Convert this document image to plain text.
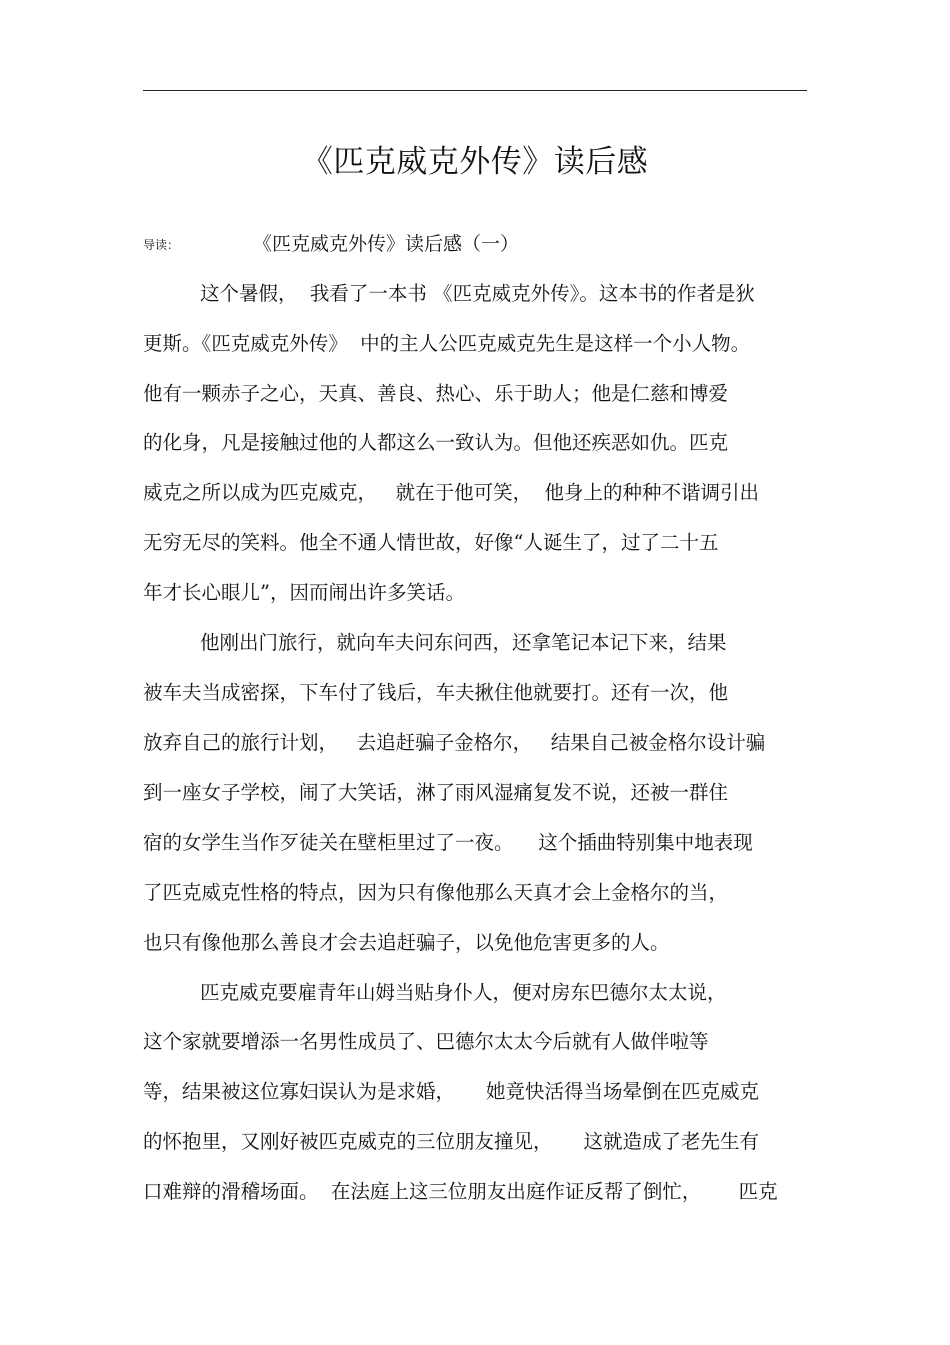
《匹克威克外传》读后感
导读：	《匹克威克外传》读后感（一）
这个暑假，  我看了一本书 《匹克威克外传》。这本书的作者是狄
更斯。《匹克威克外传》  中的主人公匹克威克先生是这样一个小人物。
他有一颗赤子之心，天真、善良、热心、乐于助人；他是仁慈和博爱
的化身，凡是接触过他的人都这么一致认为。但他还疾恶如仇。匹克
威克之所以成为匹克威克，   就在于他可笑，  他身上的种种不谐调引出
无穷无尽的笑料。他全不通人情世故，好像“人诞生了，过了二十五
年才长心眼儿”，因而闹出许多笑话。
他刚出门旅行，就向车夫问东问西，还拿笔记本记下来，结果
被车夫当成密探，下车付了钱后，车夫揪住他就要打。还有一次，他
放弃自己的旅行计划，   去追赶骗子金格尔，   结果自己被金格尔设计骗
到一座女子学校，闹了大笑话，淋了雨风湿痛复发不说，还被一群住
宿的女学生当作歹徒关在壁柜里过了一夜。    这个插曲特别集中地表现
了匹克威克性格的特点，因为只有像他那么天真才会上金格尔的当，
也只有像他那么善良才会去追赶骗子，以免他危害更多的人。
匹克威克要雇青年山姆当贴身仆人，便对房东巴德尔太太说，
这个家就要增添一名男性成员了、巴德尔太太今后就有人做伴啦等
等，结果被这位寡妇误认为是求婚，     她竟快活得当场晕倒在匹克威克
的怀抱里，又刚好被匹克威克的三位朋友撞见，     这就造成了老先生有
口难辩的滑稽场面。  在法庭上这三位朋友出庭作证反帮了倒忙，      匹克
